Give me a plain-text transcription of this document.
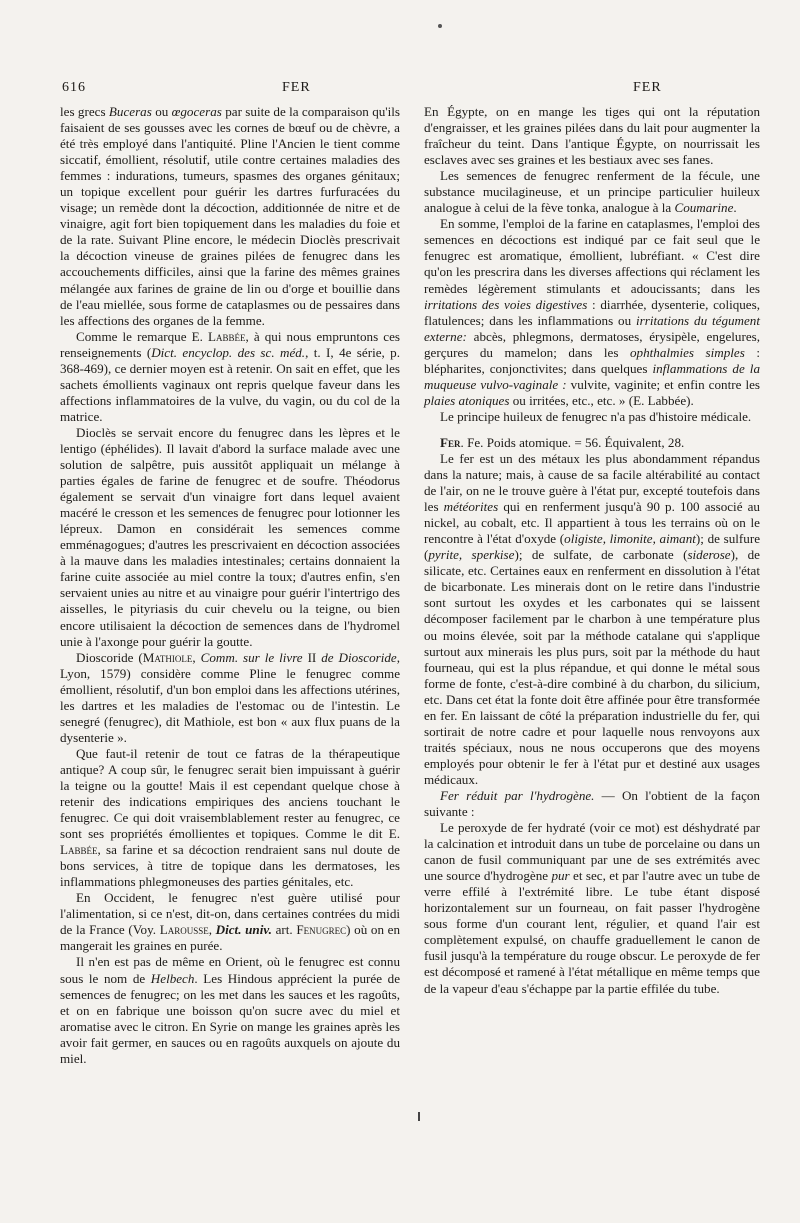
616	FER	FER

les grecs Buceras ou œgoceras par suite de la comparaison qu'ils faisaient de ses gousses avec les cornes de bœuf ou de chèvre, a été très employé dans l'antiquité. Pline l'Ancien le tient comme siccatif, émollient, résolutif, utile contre certaines maladies des femmes : indurations, tumeurs, spasmes des organes génitaux; un topique excellent pour guérir les dartres furfuracées du visage; un remède dont la décoction, additionnée de nitre et de vinaigre, agit fort bien topiquement dans les maladies du foie et de la rate. Suivant Pline encore, le médecin Dioclès prescrivait la décoction vineuse de graines pilées de fenugrec dans les accouchements difficiles, ainsi que la farine des mêmes graines mélangée aux farines de graine de lin ou d'orge et bouillie dans de l'eau miellée, sous forme de cataplasmes ou de pessaires dans les affections des organes de la femme.

Comme le remarque E. Labbée, à qui nous empruntons ces renseignements (Dict. encyclop. des sc. méd., t. I, 4e série, p. 368-469), ce dernier moyen est à retenir. On sait en effet, que les sachets émollients vaginaux ont repris quelque faveur dans les affections inflammatoires de la vulve, du vagin, ou du col de la matrice.

Dioclès se servait encore du fenugrec dans les lèpres et le lentigo (éphélides). Il lavait d'abord la surface malade avec une solution de salpêtre, puis aussitôt appliquait un mélange à parties égales de farine de fenugrec et de soufre. Théodorus également se servait d'un vinaigre fort dans lequel avaient macéré le cresson et les semences de fenugrec pour lotionner les lépreux. Damon en considérait les semences comme emménagogues; d'autres les prescrivaient en décoction associées à la mauve dans les maladies intestinales; certains donnaient la farine cuite associée au miel contre la toux; d'autres enfin, s'en servaient unies au nitre et au vinaigre pour guérir l'intertrigo des aisselles, le pityriasis du cuir chevelu ou la teigne, ou bien encore utilisaient la décoction de semences dans de l'hydromel unie à l'axonge pour guérir la goutte.

Dioscoride (Mathiole, Comm. sur le livre II de Dioscoride, Lyon, 1579) considère comme Pline le fenugrec comme émollient, résolutif, d'un bon emploi dans les affections utérines, les dartres et les maladies de l'estomac ou de l'intestin. Le senegré (fenugrec), dit Mathiole, est bon « aux flux puans de la dysenterie ».

Que faut-il retenir de tout ce fatras de la thérapeutique antique? A coup sûr, le fenugrec serait bien impuissant à guérir la teigne ou la goutte! Mais il est cependant quelque chose à retenir des indications empiriques des anciens touchant le fenugrec. Ce qui doit vraisemblablement rester au fenugrec, ce sont ses propriétés émollientes et topiques. Comme le dit E. Labbée, sa farine et sa décoction rendraient sans nul doute de bons services, à titre de topique dans les dermatoses, les inflammations phlegmoneuses des parties génitales, etc.

En Occident, le fenugrec n'est guère utilisé pour l'alimentation, si ce n'est, dit-on, dans certaines contrées du midi de la France (Voy. Larousse, Dict. univ. art. Fenugrec) où on en mangerait les graines en purée.

Il n'en est pas de même en Orient, où le fenugrec est connu sous le nom de Helbech. Les Hindous apprécient la purée de semences de fenugrec; on les met dans les sauces et les ragoûts, et on en fabrique une boisson qu'on sucre avec du miel et aromatise avec le citron. En Syrie on mange les graines après les avoir fait germer, en sauces ou en ragoûts auxquels on ajoute du miel.

En Égypte, on en mange les tiges qui ont la réputation d'engraisser, et les graines pilées dans du lait pour augmenter la fraîcheur du teint. Dans l'antique Égypte, on nourrissait les esclaves avec ses graines et les bestiaux avec ses fanes.

Les semences de fenugrec renferment de la fécule, une substance mucilagineuse, et un principe particulier huileux analogue à celui de la fève tonka, analogue à la Coumarine.

En somme, l'emploi de la farine en cataplasmes, l'emploi des semences en décoctions est indiqué par ce fait seul que le fenugrec est aromatique, émollient, lubréfiant. « C'est dire qu'on les prescrira dans les diverses affections qui réclament les remèdes légèrement stimulants et adoucissants; dans les irritations des voies digestives : diarrhée, dysenterie, coliques, flatulences; dans les inflammations ou irritations du tégument externe: abcès, phlegmons, dermatoses, érysipèle, engelures, gerçures du mamelon; dans les ophthalmies simples : blépharites, conjonctivites; dans quelques inflammations de la muqueuse vulvo-vaginale : vulvite, vaginite; et enfin contre les plaies atoniques ou irritées, etc., etc. » (E. Labbée).

Le principe huileux de fenugrec n'a pas d'histoire médicale.

Fer. Fe. Poids atomique. = 56. Équivalent, 28.

Le fer est un des métaux les plus abondamment répandus dans la nature; mais, à cause de sa facile altérabilité au contact de l'air, on ne le trouve guère à l'état pur, excepté toutefois dans les météorites qui en renferment jusqu'à 90 p. 100 associé au nickel, au cobalt, etc. Il appartient à tous les terrains où on le rencontre à l'état d'oxyde (oligiste, limonite, aimant); de sulfure (pyrite, sperkise); de sulfate, de carbonate (siderose), de silicate, etc. Certaines eaux en renferment en dissolution à l'état de bicarbonate. Les minerais dont on le retire dans l'industrie sont surtout les oxydes et les carbonates qui se laissent décomposer facilement par le charbon à une température plus ou moins élevée, soit par la méthode catalane qui s'applique surtout aux minerais les plus purs, soit par la méthode du haut fourneau, qui est la plus répandue, et qui donne le métal sous forme de fonte, c'est-à-dire combiné à du charbon, du silicium, etc. Dans cet état la fonte doit être affinée pour être transformée en fer. En laissant de côté la préparation industrielle du fer, qui sortirait de notre cadre et pour laquelle nous renvoyons aux traités spéciaux, nous ne nous occuperons que des moyens employés pour obtenir le fer à l'état pur et destiné aux usages médicaux.

Fer réduit par l'hydrogène. — On l'obtient de la façon suivante :

Le peroxyde de fer hydraté (voir ce mot) est déshydraté par la calcination et introduit dans un tube de porcelaine ou dans un canon de fusil communiquant par une de ses extrémités avec une source d'hydrogène pur et sec, et par l'autre avec un tube de verre effilé à l'extrémité libre. Le tube étant disposé horizontalement sur un fourneau, on fait passer l'hydrogène sous forme d'un courant lent, régulier, et quand l'air est complètement expulsé, on chauffe graduellement le canon de fusil jusqu'à la température du rouge obscur. Le peroxyde de fer est décomposé et ramené à l'état métallique en même temps que de la vapeur d'eau s'échappe par la partie effilée du tube.
